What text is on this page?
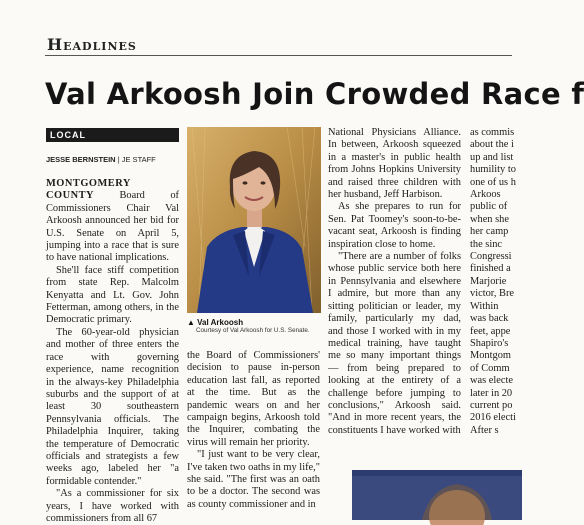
Headlines
Val Arkoosh Join Crowded Race f
LOCAL
JESSE BERNSTEIN | JE STAFF

MONTGOMERY COUNTY Board of Commissioners Chair Val Arkoosh announced her bid for U.S. Senate on April 5, jumping into a race that is sure to have national implications.

She'll face stiff competition from state Rep. Malcolm Kenyatta and Lt. Gov. John Fetterman, among others, in the Democratic primary.

The 60-year-old physician and mother of three enters the race with governing experience, name recognition in the always-key Philadelphia suburbs and the support of at least 30 southeastern Pennsylvania officials. The Philadelphia Inquirer, taking the temperature of Democratic officials and strategists a few weeks ago, labeled her "a formidable contender."

"As a commissioner for six years, I have worked with commissioners from all 67

▲ Val Arkoosh
Courtesy of Val Arkoosh for U.S. Senate.

the Board of Commissioners' decision to pause in-person education last fall, as reported at the time. But as the pandemic wears on and her campaign begins, Arkoosh told the Inquirer, combating the virus will remain her priority.

"I just want to be very clear, I've taken two oaths in my life," she said. "The first was an oath to be a doctor. The second was as county commissioner and in

National Physicians Alliance. In between, Arkoosh squeezed in a master's in public health from Johns Hopkins University and raised three children with her husband, Jeff Harbison.

As she prepares to run for Sen. Pat Toomey's soon-to-be-vacant seat, Arkoosh is finding inspiration close to home.

"There are a number of folks whose public service both here in Pennsylvania and elsewhere I admire, but more than any sitting politician or leader, my family, particularly my dad, and those I worked with in my medical training, have taught me so many important things — from being prepared to looking at the entirety of a challenge before jumping to conclusions," Arkoosh said. "And in more recent years, the constituents I have worked with

as commis
about the i
up and list
humility to
one of us h
Arkoos
public of
when she
her camp
the sinc
Congressi
finished a
Marjorie
victor, Bre
Within
was back
feet, appe
Shapiro's
Montgom
of Comm
was electe
later in 20
current po
2016 electi
After s
